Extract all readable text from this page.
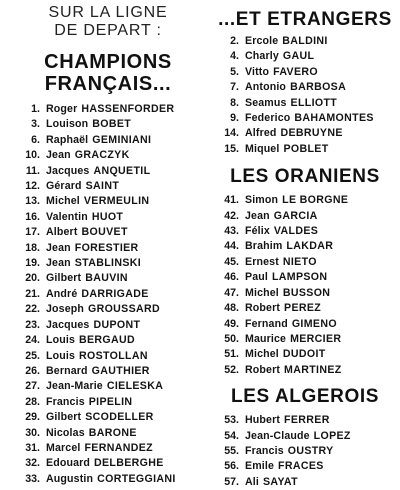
SUR LA LIGNE
DE DEPART :
CHAMPIONS
FRANÇAIS...
1. Roger HASSENFORDER
3. Louison BOBET
6. Raphaël GEMINIANI
10. Jean GRACZYK
11. Jacques ANQUETIL
12. Gérard SAINT
13. Michel VERMEULIN
16. Valentin HUOT
17. Albert BOUVET
18. Jean FORESTIER
19. Jean STABLINSKI
20. Gilbert BAUVIN
21. André DARRIGADE
22. Joseph GROUSSARD
23. Jacques DUPONT
24. Louis BERGAUD
25. Louis ROSTOLLAN
26. Bernard GAUTHIER
27. Jean-Marie CIELESKA
28. Francis PIPELIN
29. Gilbert SCODELLER
30. Nicolas BARONE
31. Marcel FERNANDEZ
32. Edouard DELBERGHE
33. Augustin CORTEGGIANI
...ET ETRANGERS
2. Ercole BALDINI
4. Charly GAUL
5. Vitto FAVERO
7. Antonio BARBOSA
8. Seamus ELLIOTT
9. Federico BAHAMONTES
14. Alfred DEBRUYNE
15. Miquel POBLET
LES ORANIENS
41. Simon LE BORGNE
42. Jean GARCIA
43. Félix VALDES
44. Brahim LAKDAR
45. Ernest NIETO
46. Paul LAMPSON
47. Michel BUSSON
48. Robert PEREZ
49. Fernand GIMENO
50. Maurice MERCIER
51. Michel DUDOIT
52. Robert MARTINEZ
LES ALGEROIS
53. Hubert FERRER
54. Jean-Claude LOPEZ
55. Francis OUSTRY
56. Emile FRACES
57. Ali SAYAT
